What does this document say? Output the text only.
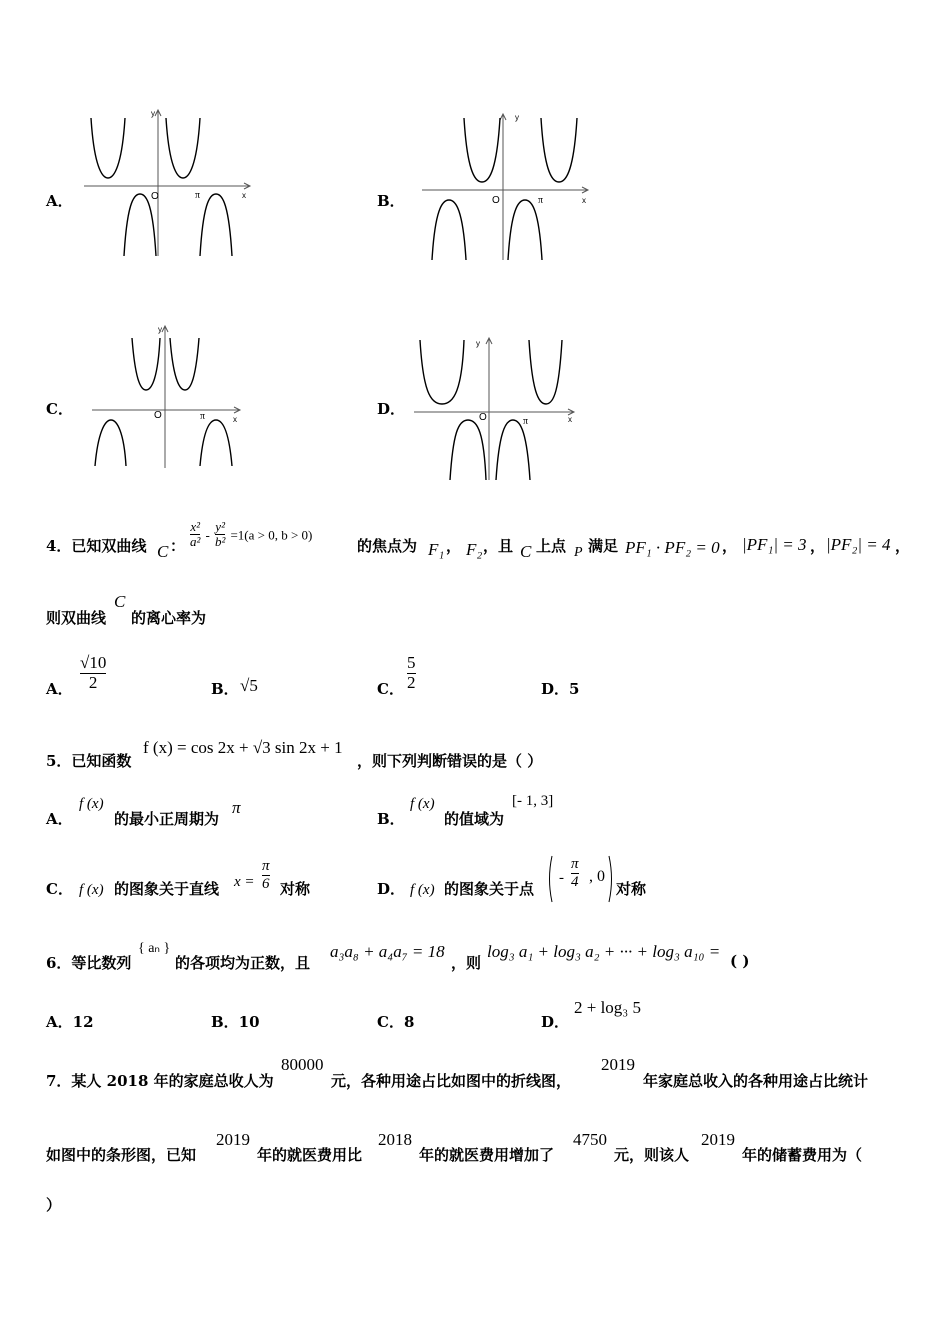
A．
y
x
O	π	B．
y
x
O	π
C．
y
x
O	π	D．
y
x
O	π
4．已知双曲线 C ： $\frac{\text{x²}}{\text{a²}} - \frac{\text{y²}}{\text{b²}} =1(a > 0$, b > 0)
的焦点为 F₁ ， F₂ ，且 C 上点 P 满足 PF₁ · PF₂ = 0 ， |PF₁| = 3 ， |PF₂| = 4 ，
则双曲线
C
的离心率为
A． $\frac{√10}{2}$	B． √5	C． $\frac{5}{2}$	D．5
5．已知函数
f (x) = cos 2x + √3 sin 2x + 1
，则下列判断错误的是（ ）
A．
f (x)
的最小正周期为
π
B．
f (x)
的值域为
[- 1, 3]
C． f (x) 的图象关于直线 $x = \frac{\pi}{6}$ 对称	D． f (x) 的图象关于点
- $\frac{\pi}{4}$ , 0
对称
6．等比数列
{ aₙ }
的各项均为正数，且
a₃a₈ + a₄a₇ = 18
，则
log₃ a₁ + log₃ a₂ + ··· + log₃ a₁₀ = ( )
A．12	B．10	C．8	D．
2 + log₃ 5
7．某人 2018 年的家庭总收人为
80000
元，各种用途占比如图中的折线图，
2019
年家庭总收入的各种用途占比统计
如图中的条形图，已知
2019
年的就医费用比
2018
年的就医费用增加了
4750
元，则该人
2019
年的储蓄费用为（
）
